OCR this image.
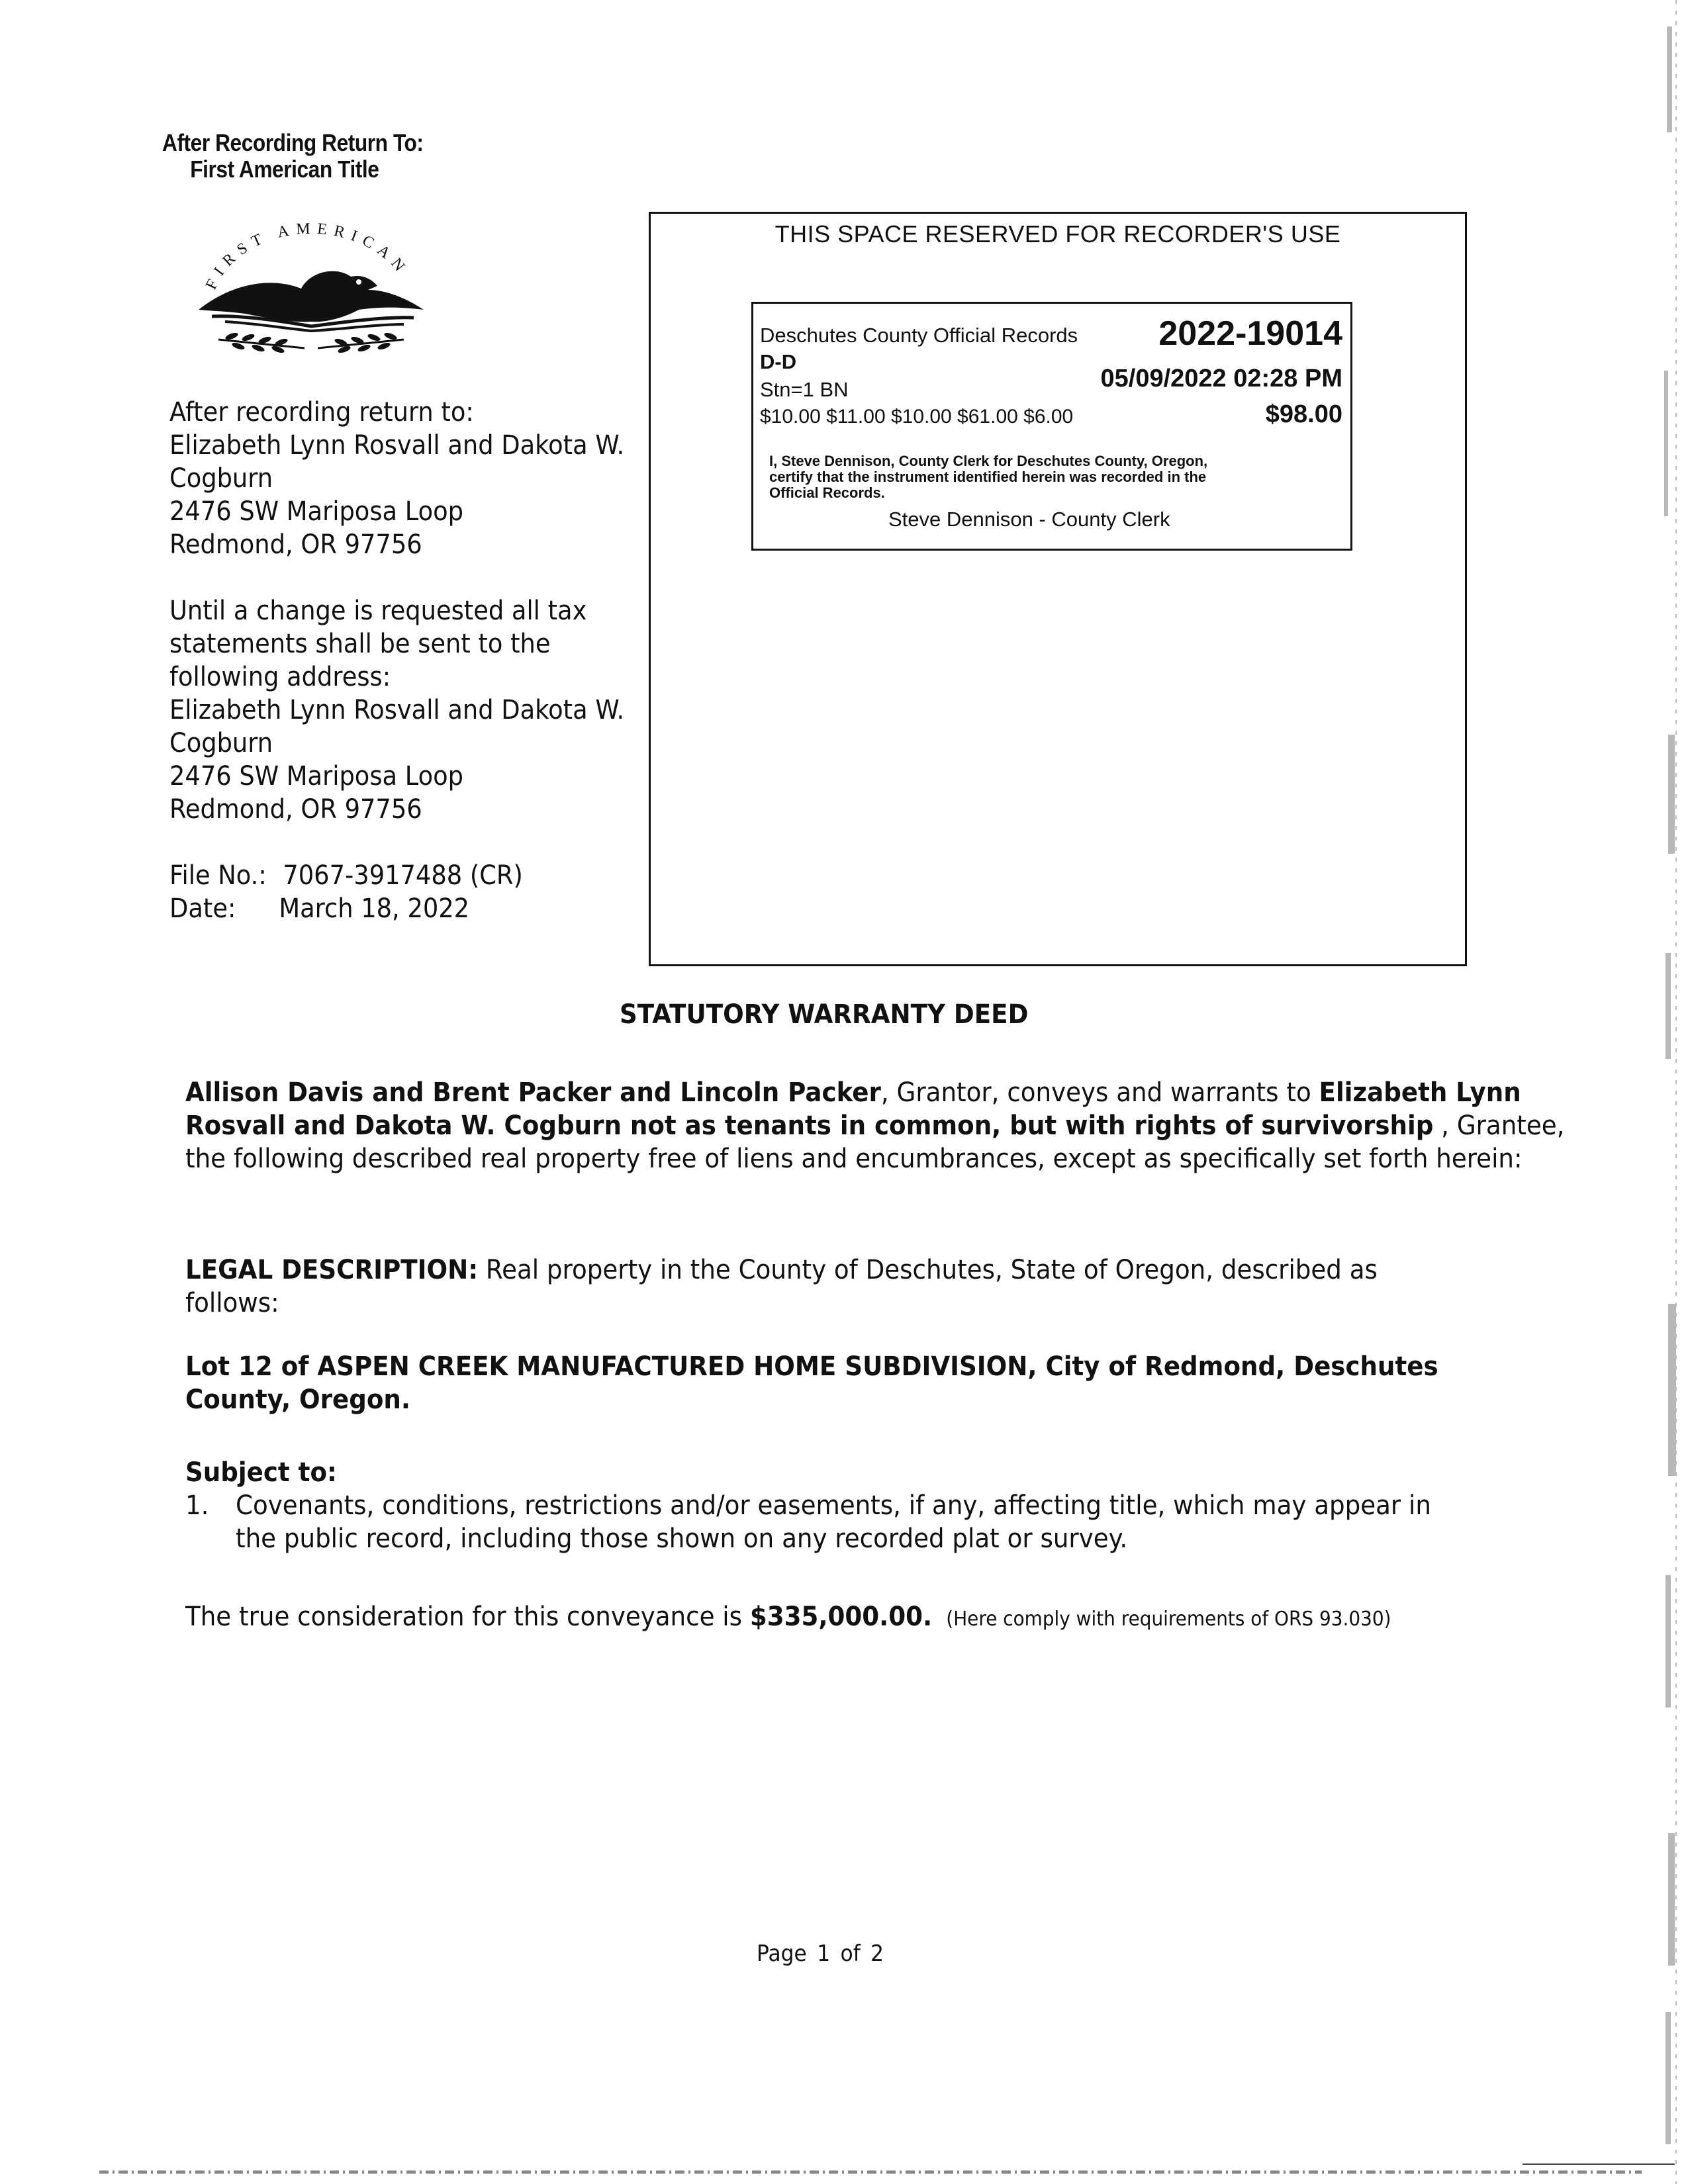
After Recording Return To:
First American Title
FIRST AMERICAN
After recording return to:
Elizabeth Lynn Rosvall and Dakota W.
Cogburn
2476 SW Mariposa Loop
Redmond, OR 97756
Until a change is requested all tax
statements shall be sent to the
following address:
Elizabeth Lynn Rosvall and Dakota W.
Cogburn
2476 SW Mariposa Loop
Redmond, OR 97756
File No.: 7067-3917488 (CR)
Date: March 18, 2022
THIS SPACE RESERVED FOR RECORDER'S USE
Deschutes County Official Records 2022-19014
D-D
Stn=1 BN	05/09/2022 02:28 PM
$10.00 $11.00 $10.00 $61.00 $6.00	$98.00
I, Steve Dennison, County Clerk for Deschutes County, Oregon,
certify that the instrument identified herein was recorded in the
Official Records.
Steve Dennison - County Clerk
STATUTORY WARRANTY DEED
Allison Davis and Brent Packer and Lincoln Packer, Grantor, conveys and warrants to Elizabeth Lynn Rosvall and Dakota W. Cogburn not as tenants in common, but with rights of survivorship , Grantee, the following described real property free of liens and encumbrances, except as specifically set forth herein:
LEGAL DESCRIPTION: Real property in the County of Deschutes, State of Oregon, described as follows:
Lot 12 of ASPEN CREEK MANUFACTURED HOME SUBDIVISION, City of Redmond, Deschutes County, Oregon.
Subject to:
1. Covenants, conditions, restrictions and/or easements, if any, affecting title, which may appear in the public record, including those shown on any recorded plat or survey.
The true consideration for this conveyance is $335,000.00. (Here comply with requirements of ORS 93.030)
Page 1 of 2
